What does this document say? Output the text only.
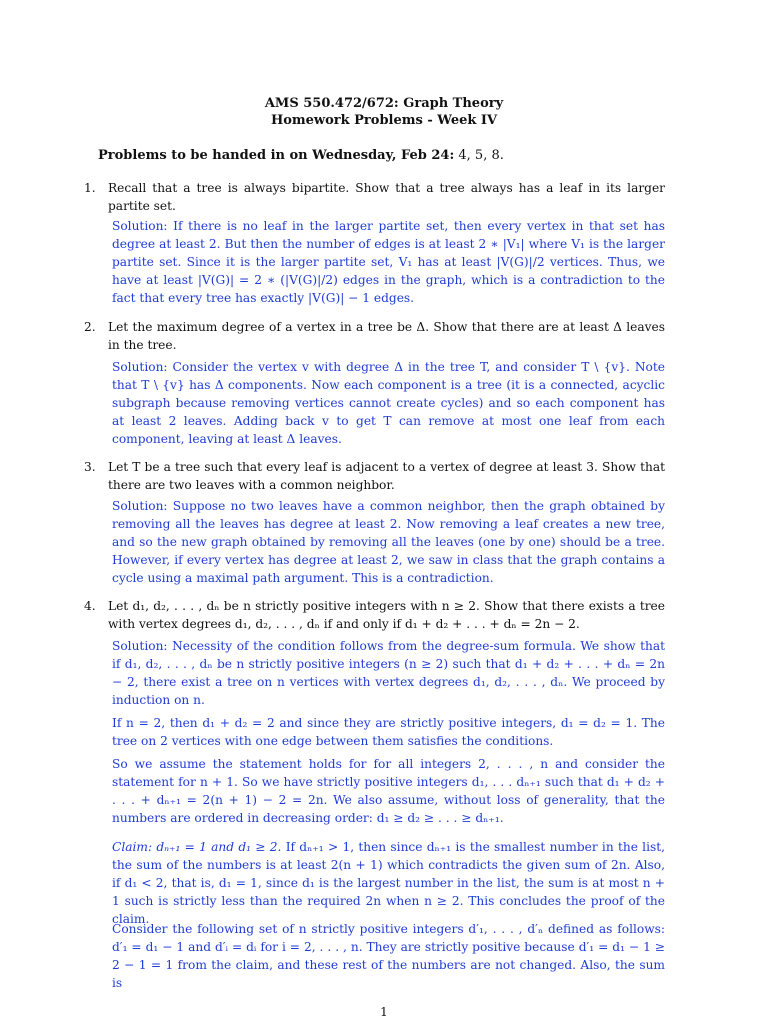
AMS 550.472/672: Graph Theory
Homework Problems - Week IV
Problems to be handed in on Wednesday, Feb 24: 4, 5, 8.
1. Recall that a tree is always bipartite. Show that a tree always has a leaf in its larger partite set.
Solution: If there is no leaf in the larger partite set, then every vertex in that set has degree at least 2. But then the number of edges is at least 2 ∗ |V₁| where V₁ is the larger partite set. Since it is the larger partite set, V₁ has at least |V(G)|/2 vertices. Thus, we have at least |V(G)| = 2 ∗ (|V(G)|/2) edges in the graph, which is a contradiction to the fact that every tree has exactly |V(G)| − 1 edges.
2. Let the maximum degree of a vertex in a tree be Δ. Show that there are at least Δ leaves in the tree.
Solution: Consider the vertex v with degree Δ in the tree T, and consider T \ {v}. Note that T \ {v} has Δ components. Now each component is a tree (it is a connected, acyclic subgraph because removing vertices cannot create cycles) and so each component has at least 2 leaves. Adding back v to get T can remove at most one leaf from each component, leaving at least Δ leaves.
3. Let T be a tree such that every leaf is adjacent to a vertex of degree at least 3. Show that there are two leaves with a common neighbor.
Solution: Suppose no two leaves have a common neighbor, then the graph obtained by removing all the leaves has degree at least 2. Now removing a leaf creates a new tree, and so the new graph obtained by removing all the leaves (one by one) should be a tree. However, if every vertex has degree at least 2, we saw in class that the graph contains a cycle using a maximal path argument. This is a contradiction.
4. Let d₁, d₂, . . . , dₙ be n strictly positive integers with n ≥ 2. Show that there exists a tree with vertex degrees d₁, d₂, . . . , dₙ if and only if d₁ + d₂ + . . . + dₙ = 2n − 2.
Solution: Necessity of the condition follows from the degree-sum formula. We show that if d₁, d₂, . . . , dₙ be n strictly positive integers (n ≥ 2) such that d₁ + d₂ + . . . + dₙ = 2n − 2, there exist a tree on n vertices with vertex degrees d₁, d₂, . . . , dₙ. We proceed by induction on n.
If n = 2, then d₁ + d₂ = 2 and since they are strictly positive integers, d₁ = d₂ = 1. The tree on 2 vertices with one edge between them satisfies the conditions.
So we assume the statement holds for for all integers 2, . . . , n and consider the statement for n + 1. So we have strictly positive integers d₁, . . . dₙ₊₁ such that d₁ + d₂ + . . . + dₙ₊₁ = 2(n + 1) − 2 = 2n. We also assume, without loss of generality, that the numbers are ordered in decreasing order: d₁ ≥ d₂ ≥ . . . ≥ dₙ₊₁.
Claim: dₙ₊₁ = 1 and d₁ ≥ 2. If dₙ₊₁ > 1, then since dₙ₊₁ is the smallest number in the list, the sum of the numbers is at least 2(n + 1) which contradicts the given sum of 2n. Also, if d₁ < 2, that is, d₁ = 1, since d₁ is the largest number in the list, the sum is at most n + 1 such is strictly less than the required 2n when n ≥ 2. This concludes the proof of the claim.
Consider the following set of n strictly positive integers d′₁, . . . , d′ₙ defined as follows: d′₁ = d₁ − 1 and d′ᵢ = dᵢ for i = 2, . . . , n. They are strictly positive because d′₁ = d₁ − 1 ≥ 2 − 1 = 1 from the claim, and these rest of the numbers are not changed. Also, the sum is
1
